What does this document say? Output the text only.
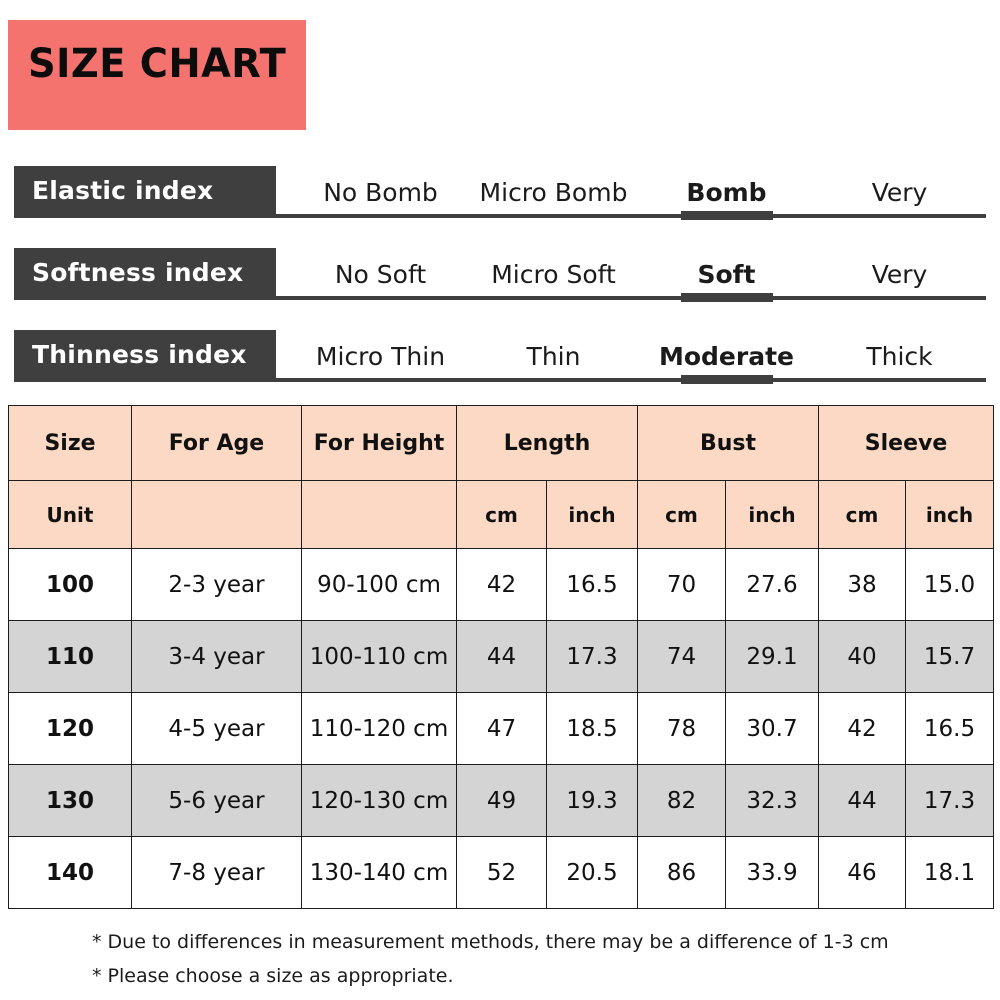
SIZE CHART
Elastic index	No Bomb	Micro Bomb	Bomb	Very
Softness index	No Soft	Micro Soft	Soft	Very
Thinness index	Micro Thin	Thin	Moderate	Thick
Size	For Age	For Height	Length		Bust		Sleeve	
Unit			cm	inch	cm	inch	cm	inch
100	2-3 year	90-100 cm	42	16.5	70	27.6	38	15.0
110	3-4 year	100-110 cm	44	17.3	74	29.1	40	15.7
120	4-5 year	110-120 cm	47	18.5	78	30.7	42	16.5
130	5-6 year	120-130 cm	49	19.3	82	32.3	44	17.3
140	7-8 year	130-140 cm	52	20.5	86	33.9	46	18.1
* Due to differences in measurement methods, there may be a difference of 1-3 cm
* Please choose a size as appropriate.
